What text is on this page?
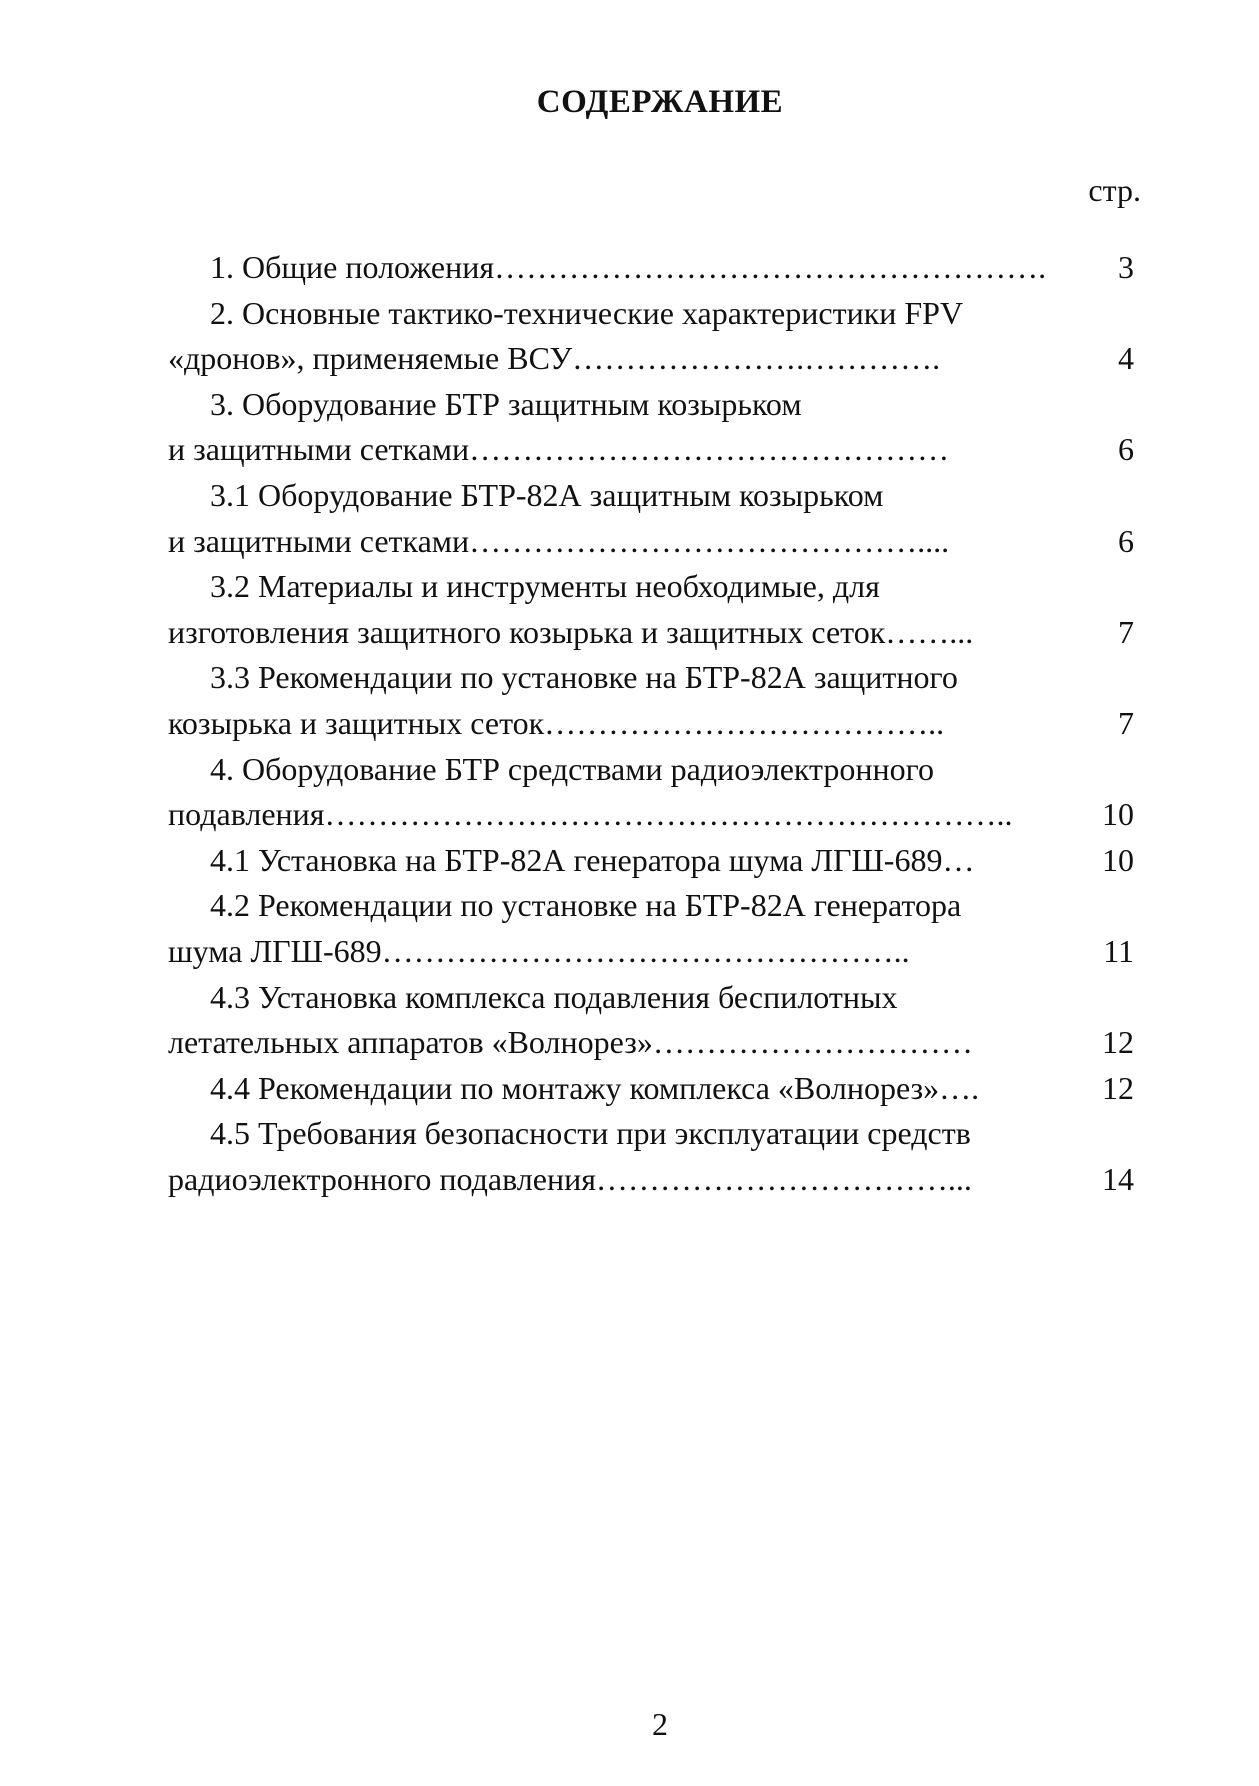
СОДЕРЖАНИЕ
стр.
1. Общие положения…………………………………………….	3
2. Основные тактико-технические характеристики FPV
«дронов», применяемые ВСУ………………….………….	4
3. Оборудование БТР защитным козырьком
и защитными сетками………………………………………	6
3.1 Оборудование БТР-82А защитным козырьком
и защитными сетками……………………………………....	6
3.2 Материалы и инструменты необходимые, для
изготовления защитного козырька и защитных сеток……...	7
3.3 Рекомендации по установке на БТР-82А защитного
козырька и защитных сеток………………………………..	7
4. Оборудование БТР средствами радиоэлектронного
подавления………………………………………………………..	10
4.1 Установка на БТР-82А генератора шума ЛГШ-689…	10
4.2 Рекомендации по установке на БТР-82А генератора
шума ЛГШ-689…………………………………………..	11
4.3 Установка комплекса подавления беспилотных
летательных аппаратов «Волнорез»…………………………	12
4.4 Рекомендации по монтажу комплекса «Волнорез»….	12
4.5 Требования безопасности при эксплуатации средств
радиоэлектронного подавления……………………………...	14
2
